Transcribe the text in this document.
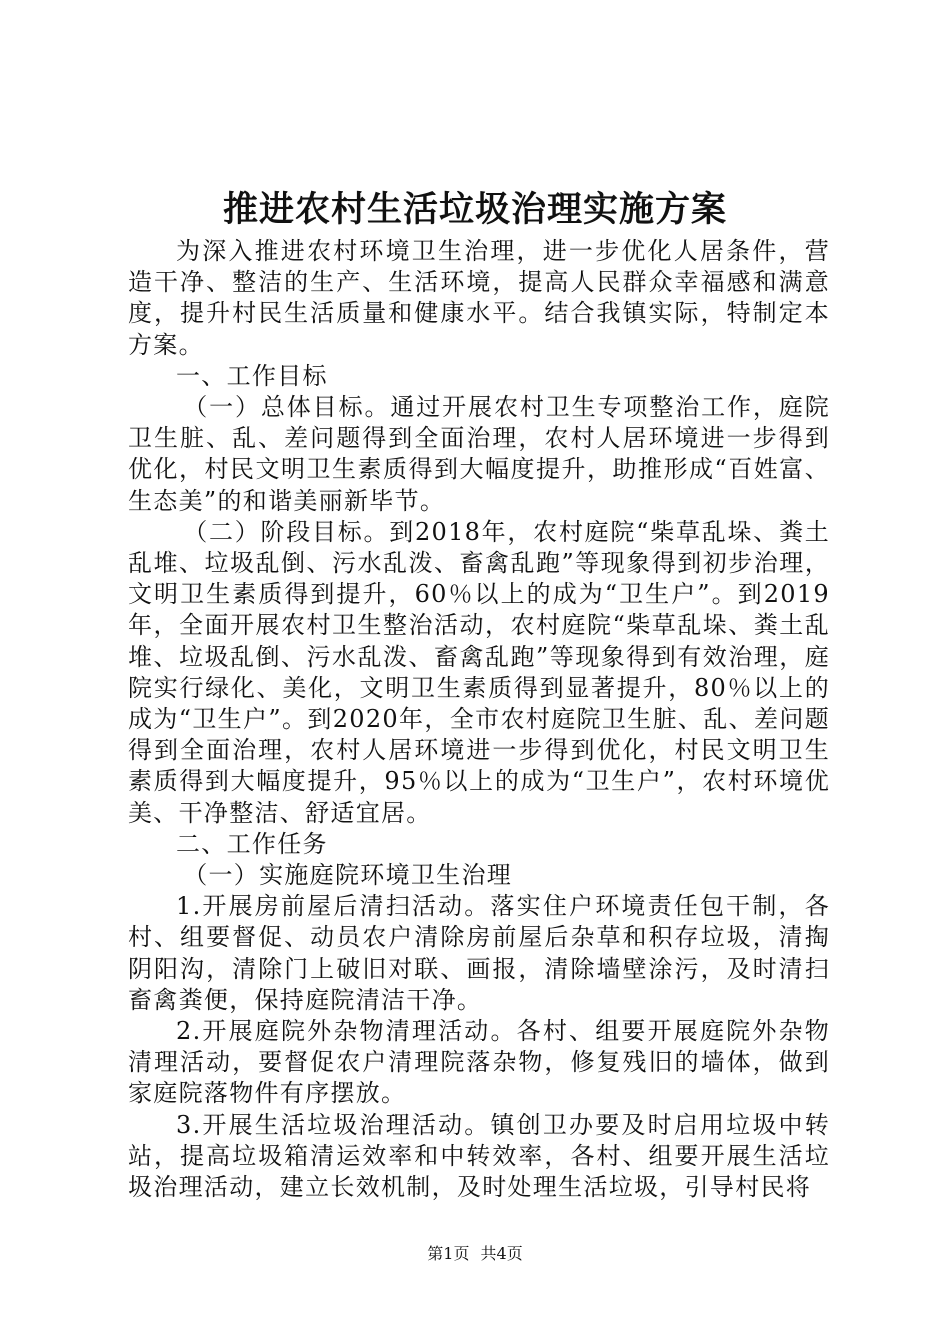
推进农村生活垃圾治理实施方案

为深入推进农村环境卫生治理，进一步优化人居条件，营造干净、整洁的生产、生活环境，提高人民群众幸福感和满意度，提升村民生活质量和健康水平。结合我镇实际，特制定本方案。

一、工作目标

（一）总体目标。通过开展农村卫生专项整治工作，庭院卫生脏、乱、差问题得到全面治理，农村人居环境进一步得到优化，村民文明卫生素质得到大幅度提升，助推形成“百姓富、生态美”的和谐美丽新毕节。

（二）阶段目标。到2018年，农村庭院“柴草乱垛、粪土乱堆、垃圾乱倒、污水乱泼、畜禽乱跑”等现象得到初步治理，文明卫生素质得到提升，60％以上的成为“卫生户”。到2019年，全面开展农村卫生整治活动，农村庭院“柴草乱垛、粪土乱堆、垃圾乱倒、污水乱泼、畜禽乱跑”等现象得到有效治理，庭院实行绿化、美化，文明卫生素质得到显著提升，80％以上的成为“卫生户”。到2020年，全市农村庭院卫生脏、乱、差问题得到全面治理，农村人居环境进一步得到优化，村民文明卫生素质得到大幅度提升，95％以上的成为“卫生户”，农村环境优美、干净整洁、舒适宜居。

二、工作任务

（一）实施庭院环境卫生治理

1.开展房前屋后清扫活动。落实住户环境责任包干制，各村、组要督促、动员农户清除房前屋后杂草和积存垃圾，清掏阴阳沟，清除门上破旧对联、画报，清除墙壁涂污，及时清扫畜禽粪便，保持庭院清洁干净。

2.开展庭院外杂物清理活动。各村、组要开展庭院外杂物清理活动，要督促农户清理院落杂物，修复残旧的墙体，做到家庭院落物件有序摆放。

3.开展生活垃圾治理活动。镇创卫办要及时启用垃圾中转站，提高垃圾箱清运效率和中转效率，各村、组要开展生活垃圾治理活动，建立长效机制，及时处理生活垃圾，引导村民将

第1页 共4页
